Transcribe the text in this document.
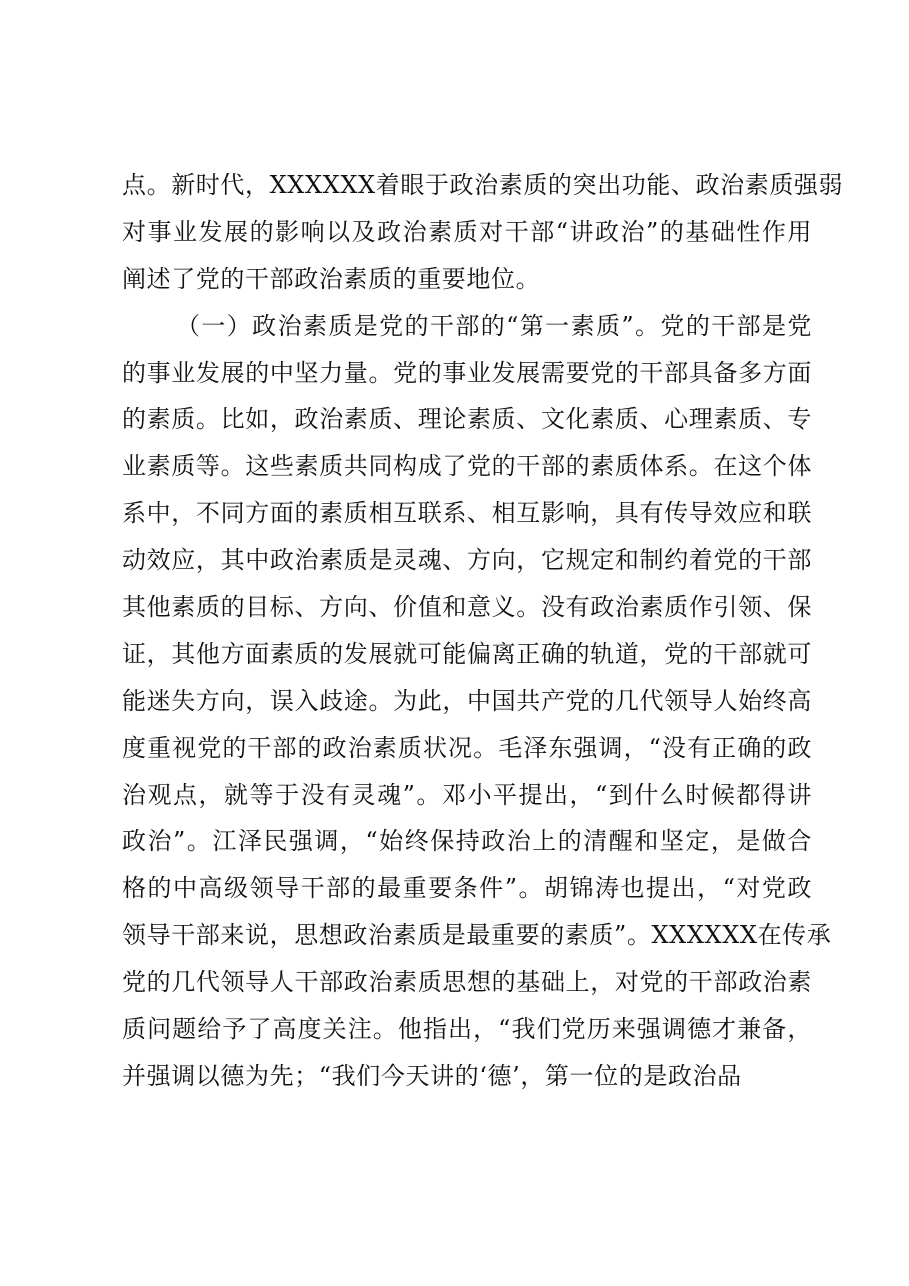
点。新时代，XXXXXX着眼于政治素质的突出功能、政治素质强弱
对事业发展的影响以及政治素质对干部“讲政治”的基础性作用
阐述了党的干部政治素质的重要地位。
（一）政治素质是党的干部的“第一素质”。党的干部是党
的事业发展的中坚力量。党的事业发展需要党的干部具备多方面
的素质。比如，政治素质、理论素质、文化素质、心理素质、专
业素质等。这些素质共同构成了党的干部的素质体系。在这个体
系中，不同方面的素质相互联系、相互影响，具有传导效应和联
动效应，其中政治素质是灵魂、方向，它规定和制约着党的干部
其他素质的目标、方向、价值和意义。没有政治素质作引领、保
证，其他方面素质的发展就可能偏离正确的轨道，党的干部就可
能迷失方向，误入歧途。为此，中国共产党的几代领导人始终高
度重视党的干部的政治素质状况。毛泽东强调，“没有正确的政
治观点，就等于没有灵魂”。邓小平提出，“到什么时候都得讲
政治”。江泽民强调，“始终保持政治上的清醒和坚定，是做合
格的中高级领导干部的最重要条件”。胡锦涛也提出，“对党政
领导干部来说，思想政治素质是最重要的素质”。XXXXXX在传承
党的几代领导人干部政治素质思想的基础上，对党的干部政治素
质问题给予了高度关注。他指出，“我们党历来强调德才兼备，
并强调以德为先；“我们今天讲的‘德’，第一位的是政治品
